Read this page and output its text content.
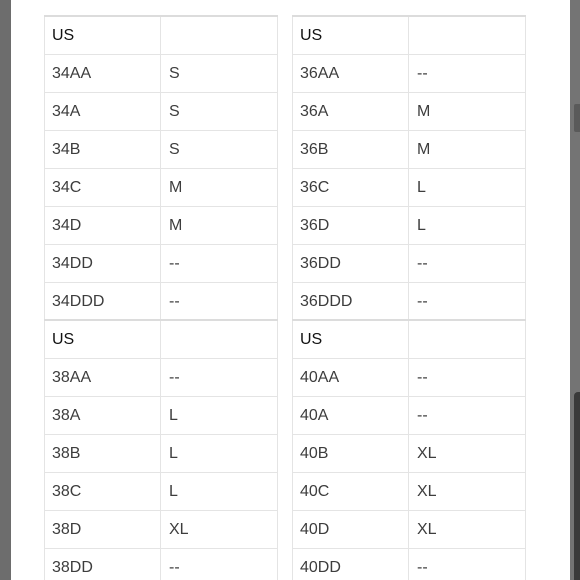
US	
34AA	S
34A	S
34B	S
34C	M
34D	M
34DD	--
34DDD	--
US	
36AA	--
36A	M
36B	M
36C	L
36D	L
36DD	--
36DDD	--
US	
38AA	--
38A	L
38B	L
38C	L
38D	XL
38DD	--
US	
40AA	--
40A	--
40B	XL
40C	XL
40D	XL
40DD	--
